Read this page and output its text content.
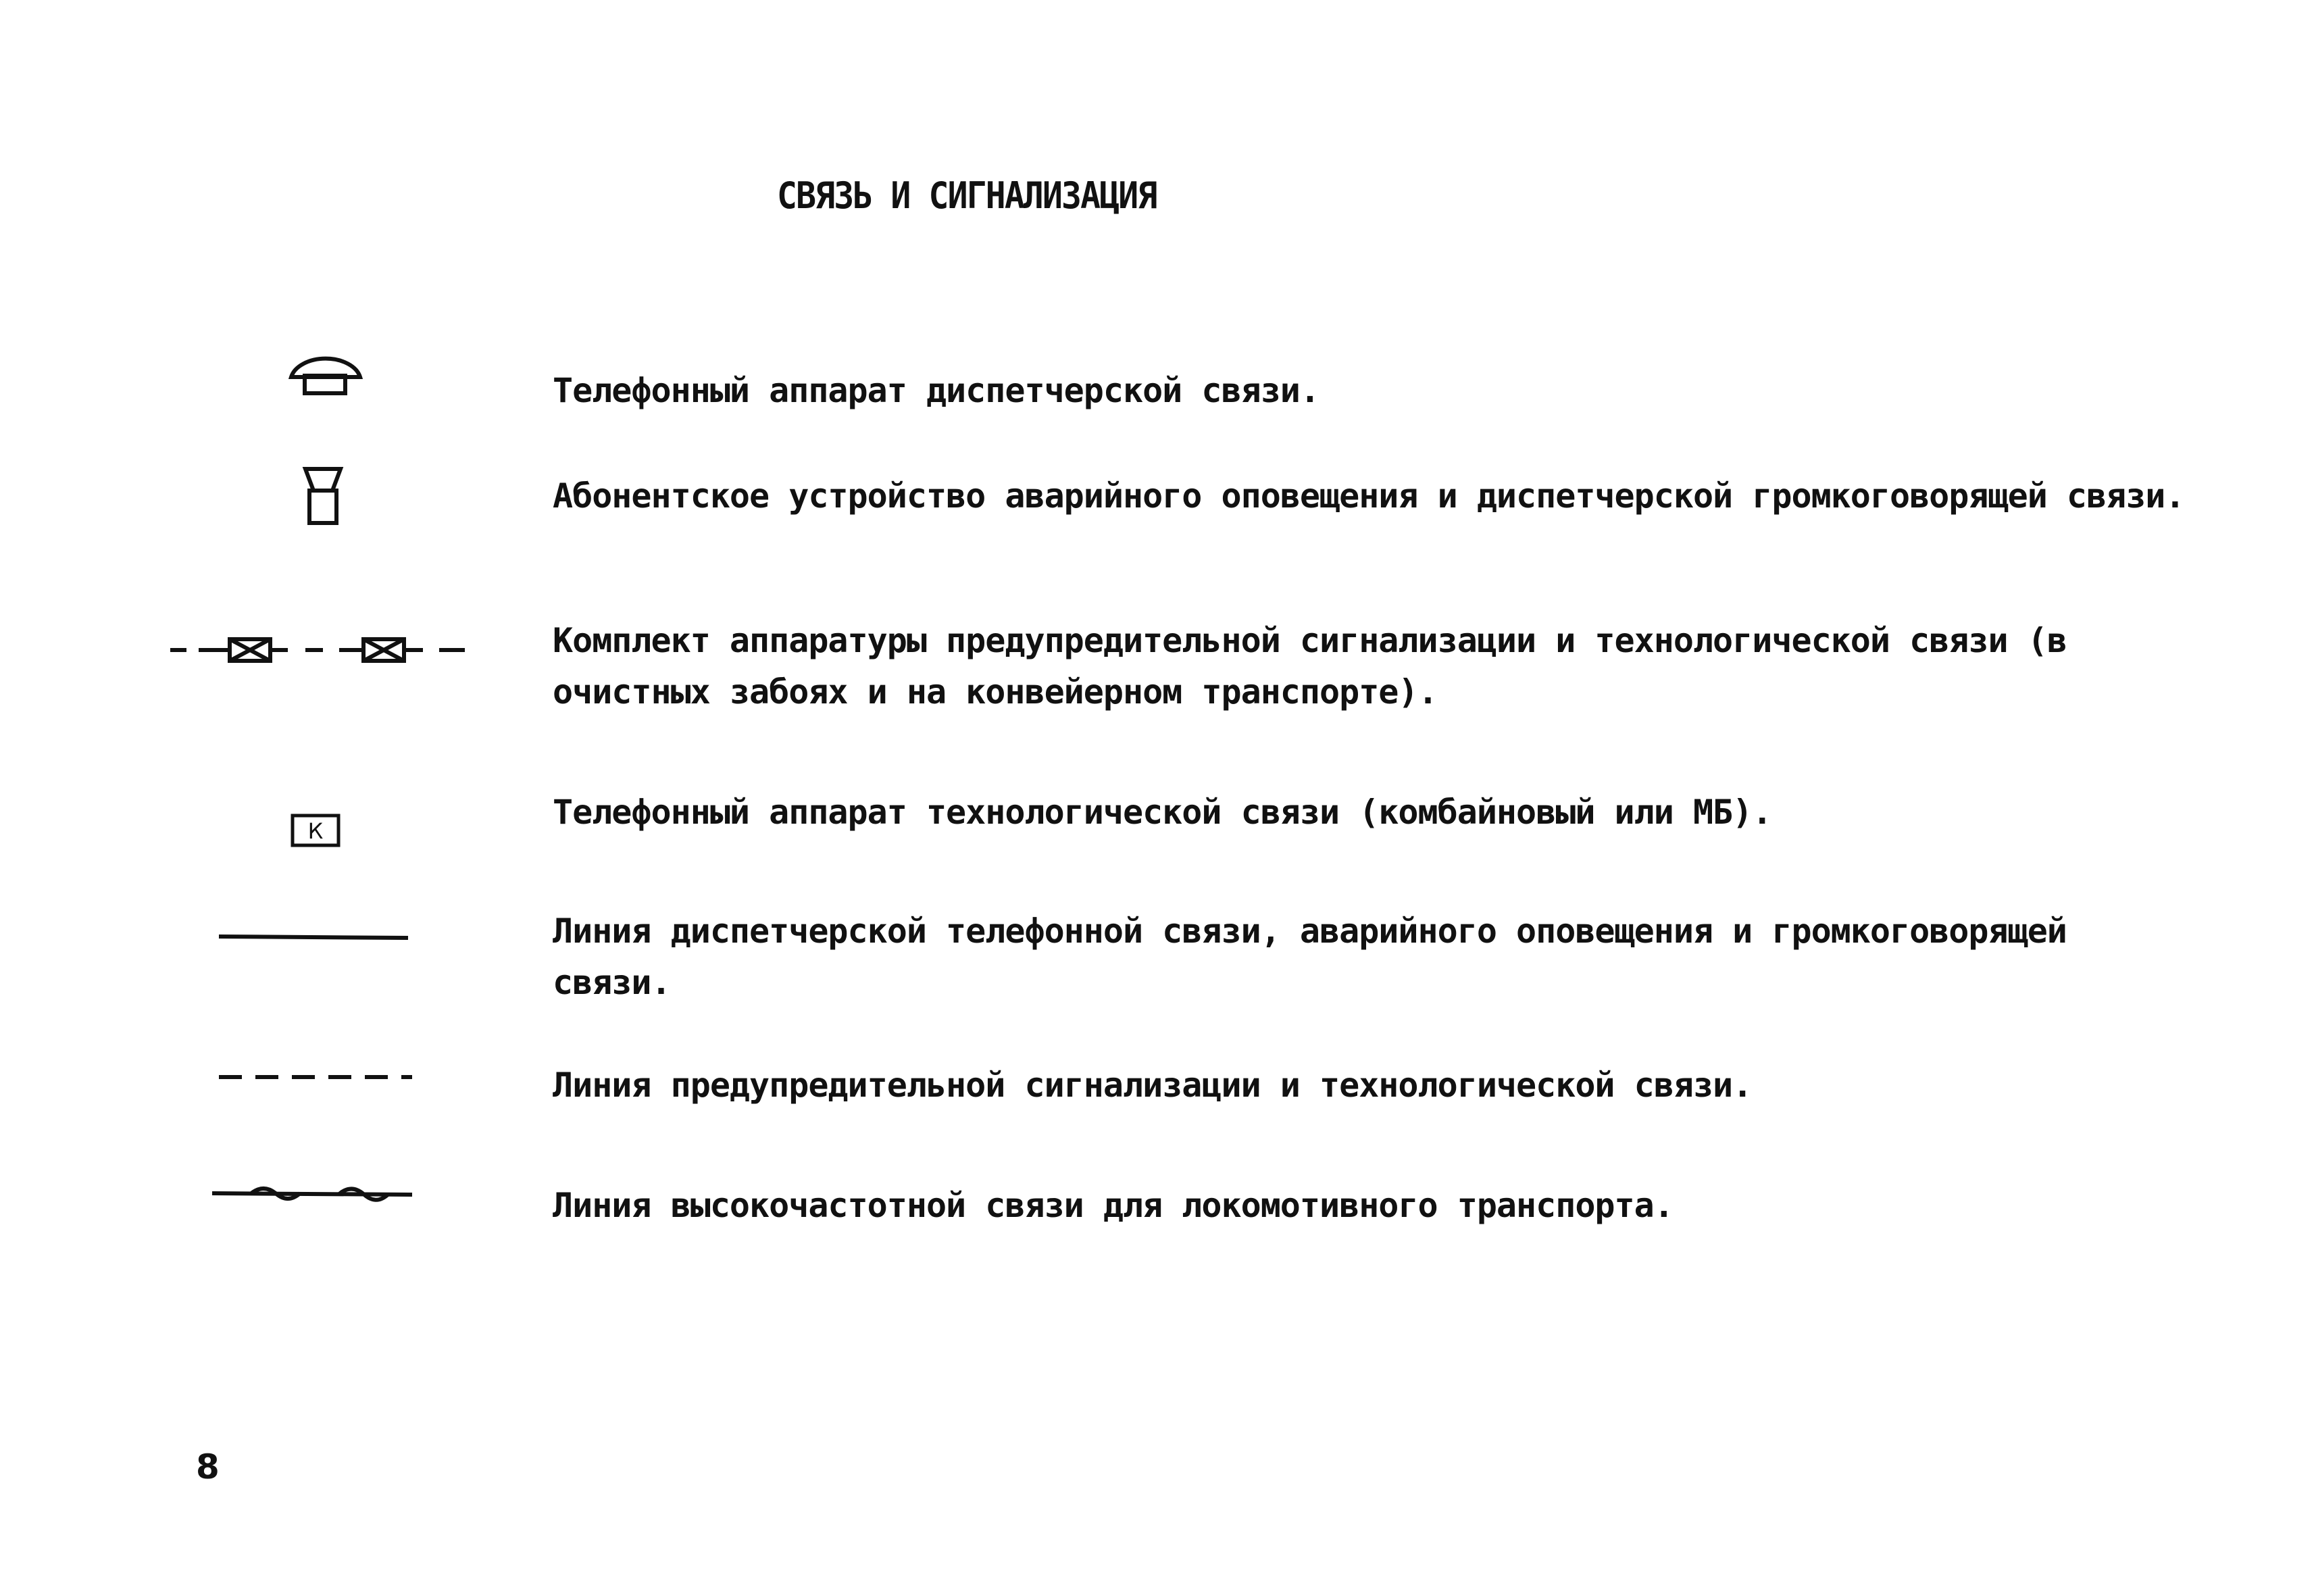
СВЯЗЬ И СИГНАЛИЗАЦИЯ
Телефонный аппарат диспетчерской связи.
Абонентское устройство аварийного оповещения и диспетчерской громкоговорящей связи.
Комплект аппаратуры предупредительной сигнализации и технологической связи (в очистных забоях и на конвейерном транспорте).
К	Телефонный аппарат технологической связи (комбайновый или МБ).
Линия диспетчерской телефонной связи, аварийного оповещения и громкоговорящей связи.
Линия предупредительной сигнализации и технологической связи.
Линия высокочастотной связи для локомотивного транспорта.
8
